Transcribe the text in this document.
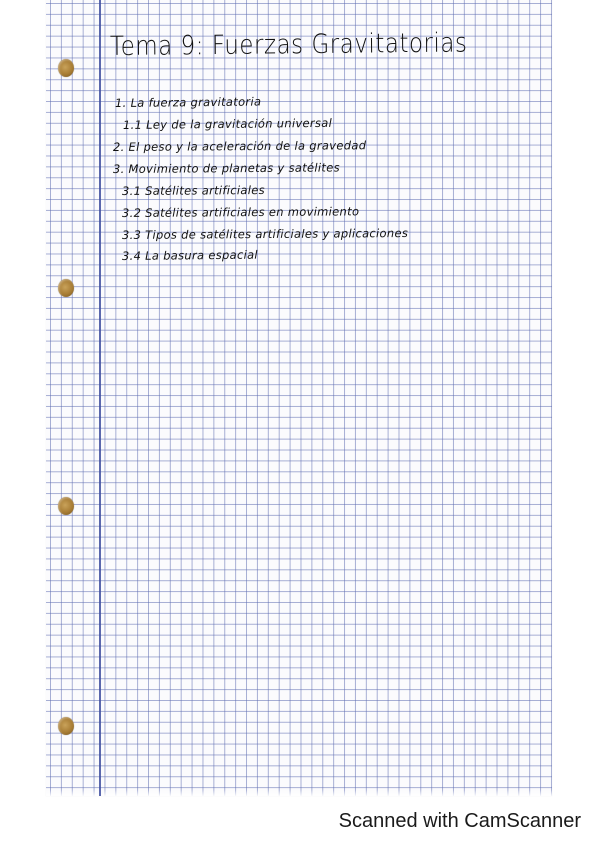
Tema 9: Fuerzas Gravitatorias
1. La fuerza gravitatoria
1.1 Ley de la gravitación universal
2. El peso y la aceleración de la gravedad
3. Movimiento de planetas y satélites
3.1 Satélites artificiales
3.2 Satélites artificiales en movimiento
3.3 Tipos de satélites artificiales y aplicaciones
3.4 La basura espacial
Scanned with CamScanner
